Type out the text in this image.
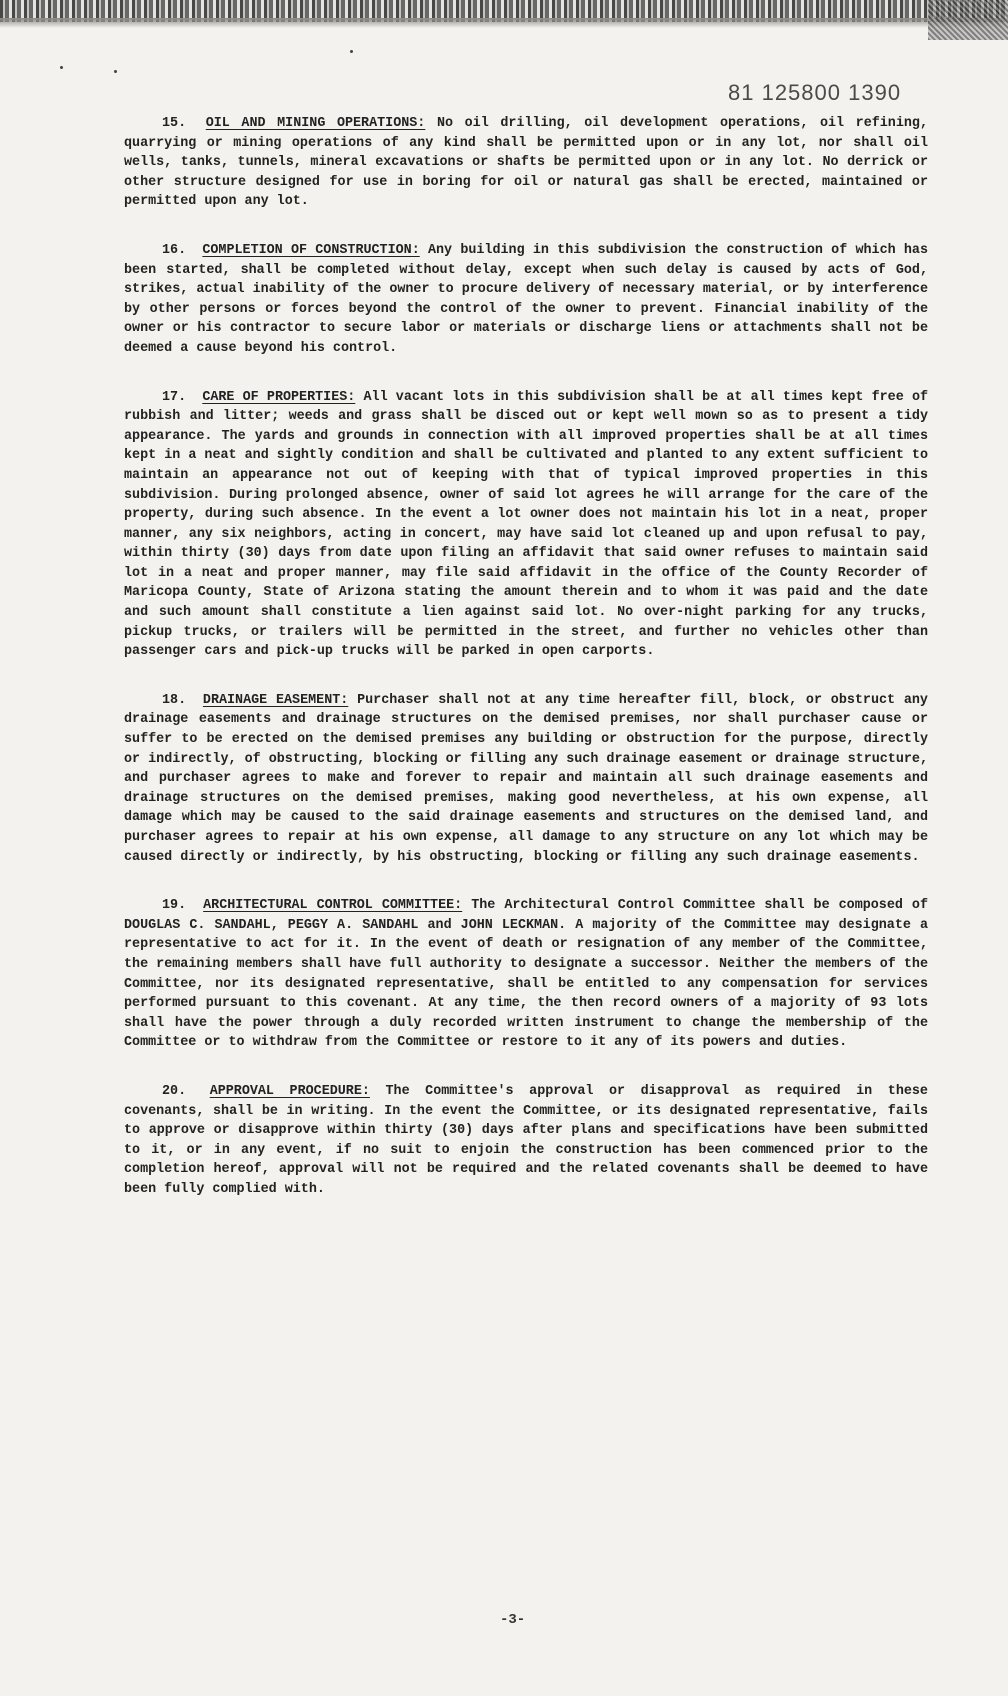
81 125800 1390

15. OIL AND MINING OPERATIONS: No oil drilling, oil development operations, oil refining, quarrying or mining operations of any kind shall be permitted upon or in any lot, nor shall oil wells, tanks, tunnels, mineral excavations or shafts be permitted upon or in any lot. No derrick or other structure designed for use in boring for oil or natural gas shall be erected, maintained or permitted upon any lot.

16. COMPLETION OF CONSTRUCTION: Any building in this subdivision the construction of which has been started, shall be completed without delay, except when such delay is caused by acts of God, strikes, actual inability of the owner to procure delivery of necessary material, or by interference by other persons or forces beyond the control of the owner to prevent. Financial inability of the owner or his contractor to secure labor or materials or discharge liens or attachments shall not be deemed a cause beyond his control.

17. CARE OF PROPERTIES: All vacant lots in this subdivision shall be at all times kept free of rubbish and litter; weeds and grass shall be disced out or kept well mown so as to present a tidy appearance. The yards and grounds in connection with all improved properties shall be at all times kept in a neat and sightly condition and shall be cultivated and planted to any extent sufficient to maintain an appearance not out of keeping with that of typical improved properties in this subdivision. During prolonged absence, owner of said lot agrees he will arrange for the care of the property, during such absence. In the event a lot owner does not maintain his lot in a neat, proper manner, any six neighbors, acting in concert, may have said lot cleaned up and upon refusal to pay, within thirty (30) days from date upon filing an affidavit that said owner refuses to maintain said lot in a neat and proper manner, may file said affidavit in the office of the County Recorder of Maricopa County, State of Arizona stating the amount therein and to whom it was paid and the date and such amount shall constitute a lien against said lot. No over-night parking for any trucks, pickup trucks, or trailers will be permitted in the street, and further no vehicles other than passenger cars and pick-up trucks will be parked in open carports.

18. DRAINAGE EASEMENT: Purchaser shall not at any time hereafter fill, block, or obstruct any drainage easements and drainage structures on the demised premises, nor shall purchaser cause or suffer to be erected on the demised premises any building or obstruction for the purpose, directly or indirectly, of obstructing, blocking or filling any such drainage easement or drainage structure, and purchaser agrees to make and forever to repair and maintain all such drainage easements and drainage structures on the demised premises, making good nevertheless, at his own expense, all damage which may be caused to the said drainage easements and structures on the demised land, and purchaser agrees to repair at his own expense, all damage to any structure on any lot which may be caused directly or indirectly, by his obstructing, blocking or filling any such drainage easements.

19. ARCHITECTURAL CONTROL COMMITTEE: The Architectural Control Committee shall be composed of DOUGLAS C. SANDAHL, PEGGY A. SANDAHL and JOHN LECKMAN. A majority of the Committee may designate a representative to act for it. In the event of death or resignation of any member of the Committee, the remaining members shall have full authority to designate a successor. Neither the members of the Committee, nor its designated representative, shall be entitled to any compensation for services performed pursuant to this covenant. At any time, the then record owners of a majority of 93 lots shall have the power through a duly recorded written instrument to change the membership of the Committee or to withdraw from the Committee or restore to it any of its powers and duties.

20. APPROVAL PROCEDURE: The Committee's approval or disapproval as required in these covenants, shall be in writing. In the event the Committee, or its designated representative, fails to approve or disapprove within thirty (30) days after plans and specifications have been submitted to it, or in any event, if no suit to enjoin the construction has been commenced prior to the completion hereof, approval will not be required and the related covenants shall be deemed to have been fully complied with.

-3-
